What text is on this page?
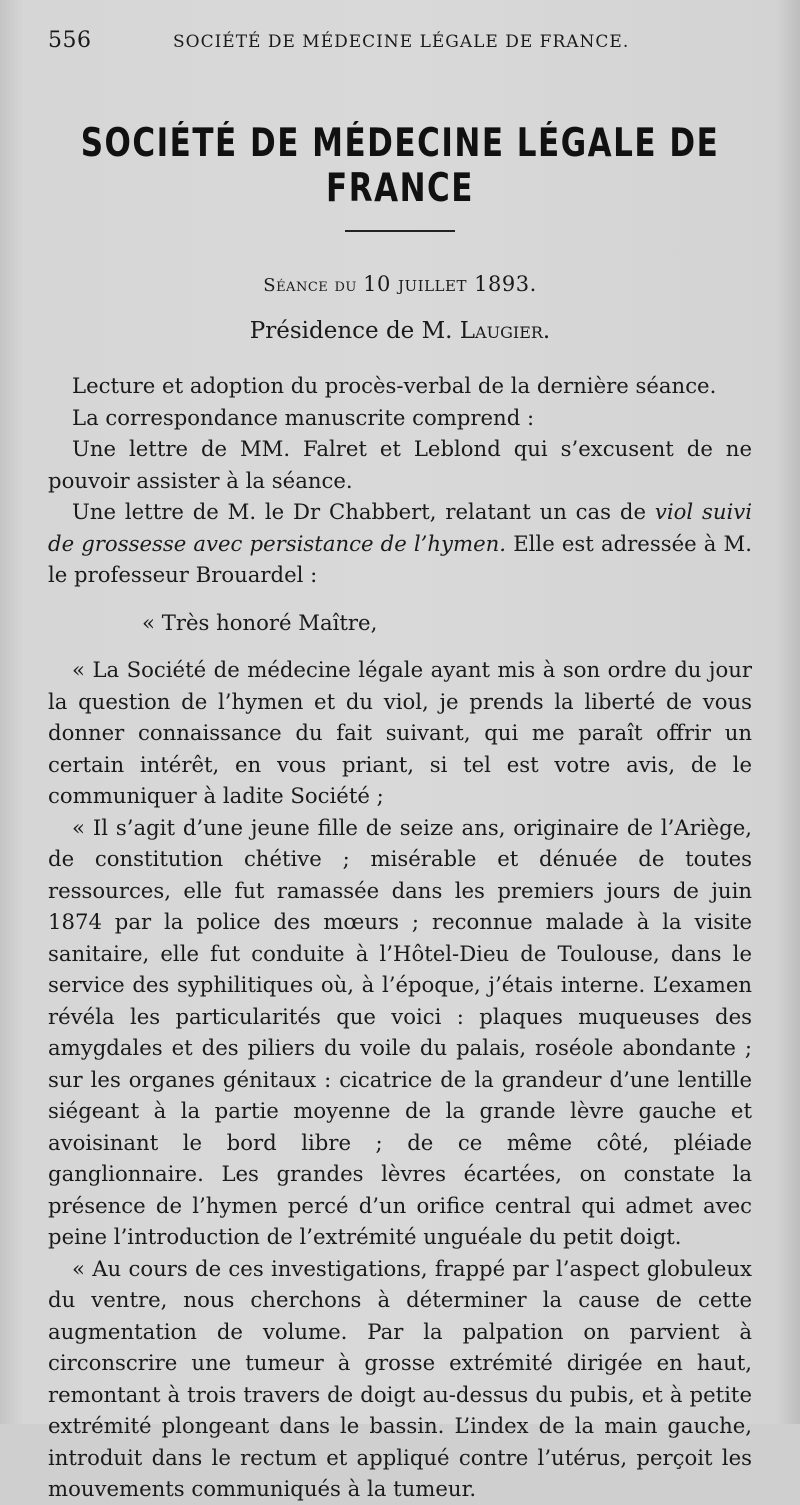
556	SOCIÉTÉ DE MÉDECINE LÉGALE DE FRANCE.
SOCIÉTÉ DE MÉDECINE LÉGALE DE FRANCE
Séance du 10 juillet 1893.
Présidence de M. Laugier.

Lecture et adoption du procès-verbal de la dernière séance.

La correspondance manuscrite comprend :

Une lettre de MM. Falret et Leblond qui s’excusent de ne pouvoir assister à la séance.

Une lettre de M. le Dr Chabbert, relatant un cas de viol suivi de grossesse avec persistance de l’hymen. Elle est adressée à M. le professeur Brouardel :

« Très honoré Maître,

« La Société de médecine légale ayant mis à son ordre du jour la question de l’hymen et du viol, je prends la liberté de vous donner connaissance du fait suivant, qui me paraît offrir un certain intérêt, en vous priant, si tel est votre avis, de le communiquer à ladite Société ;

« Il s’agit d’une jeune fille de seize ans, originaire de l’Ariège, de constitution chétive ; misérable et dénuée de toutes ressources, elle fut ramassée dans les premiers jours de juin 1874 par la police des mœurs ; reconnue malade à la visite sanitaire, elle fut conduite à l’Hôtel-Dieu de Toulouse, dans le service des syphilitiques où, à l’époque, j’étais interne. L’examen révéla les particularités que voici : plaques muqueuses des amygdales et des piliers du voile du palais, roséole abondante ; sur les organes génitaux : cicatrice de la grandeur d’une lentille siégeant à la partie moyenne de la grande lèvre gauche et avoisinant le bord libre ; de ce même côté, pléiade ganglionnaire. Les grandes lèvres écartées, on constate la présence de l’hymen percé d’un orifice central qui admet avec peine l’introduction de l’extrémité unguéale du petit doigt.

« Au cours de ces investigations, frappé par l’aspect globuleux du ventre, nous cherchons à déterminer la cause de cette augmentation de volume. Par la palpation on parvient à circonscrire une tumeur à grosse extrémité dirigée en haut, remontant à trois travers de doigt au-dessus du pubis, et à petite extrémité plongeant dans le bassin. L’index de la main gauche, introduit dans le rectum et appliqué contre l’utérus, perçoit les mouvements communiqués à la tumeur.
